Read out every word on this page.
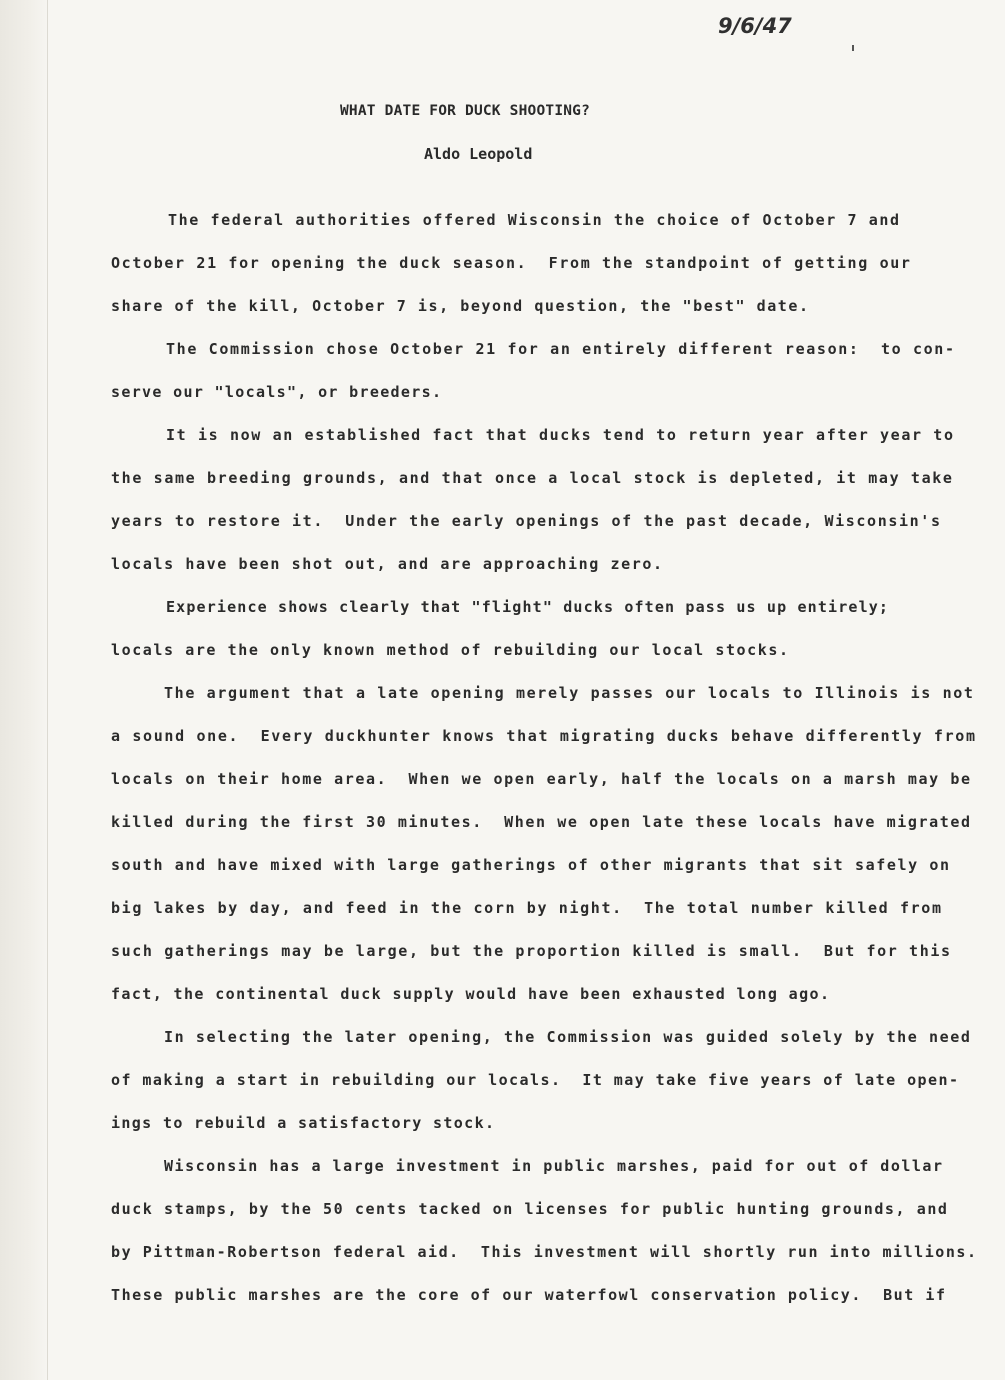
9/6/47
WHAT DATE FOR DUCK SHOOTING?
Aldo Leopold
The federal authorities offered Wisconsin the choice of October 7 and
October 21 for opening the duck season.  From the standpoint of getting our
share of the kill, October 7 is, beyond question, the "best" date.
The Commission chose October 21 for an entirely different reason:  to con-
serve our "locals", or breeders.
It is now an established fact that ducks tend to return year after year to
the same breeding grounds, and that once a local stock is depleted, it may take
years to restore it.  Under the early openings of the past decade, Wisconsin's
locals have been shot out, and are approaching zero.
Experience shows clearly that "flight" ducks often pass us up entirely;
locals are the only known method of rebuilding our local stocks.
The argument that a late opening merely passes our locals to Illinois is not
a sound one.  Every duckhunter knows that migrating ducks behave differently from
locals on their home area.  When we open early, half the locals on a marsh may be
killed during the first 30 minutes.  When we open late these locals have migrated
south and have mixed with large gatherings of other migrants that sit safely on
big lakes by day, and feed in the corn by night.  The total number killed from
such gatherings may be large, but the proportion killed is small.  But for this
fact, the continental duck supply would have been exhausted long ago.
In selecting the later opening, the Commission was guided solely by the need
of making a start in rebuilding our locals.  It may take five years of late open-
ings to rebuild a satisfactory stock.
Wisconsin has a large investment in public marshes, paid for out of dollar
duck stamps, by the 50 cents tacked on licenses for public hunting grounds, and
by Pittman-Robertson federal aid.  This investment will shortly run into millions.
These public marshes are the core of our waterfowl conservation policy.  But if
